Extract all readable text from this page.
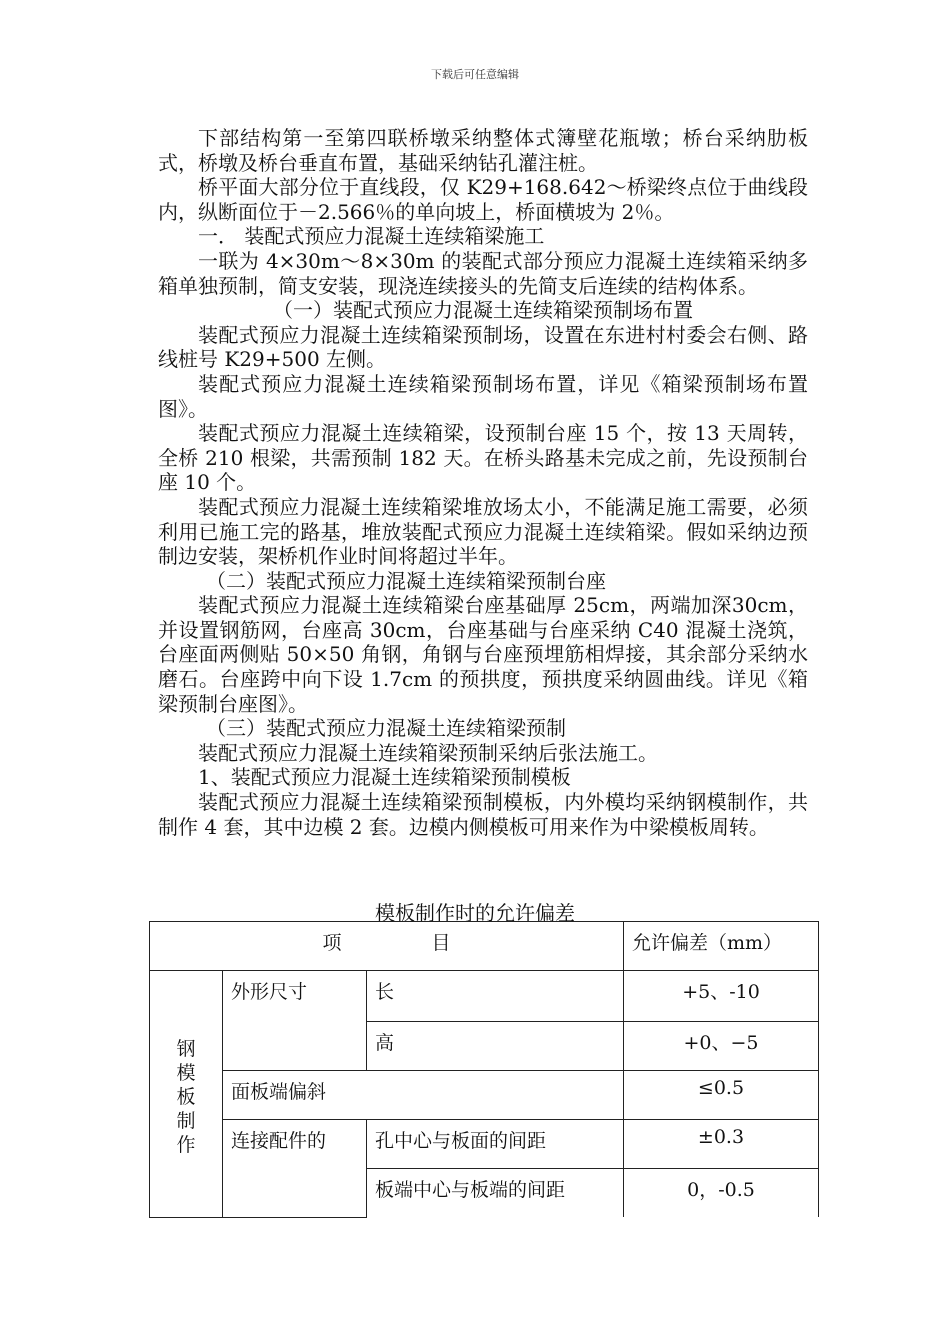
下载后可任意编辑

下部结构第一至第四联桥墩采纳整体式簿壁花瓶墩；桥台采纳肋板式，桥墩及桥台垂直布置，基础采纳钻孔灌注桩。

桥平面大部分位于直线段，仅 K29+168.642～桥梁终点位于曲线段内，纵断面位于－2.566％的单向坡上，桥面横坡为 2％。

一． 装配式预应力混凝土连续箱梁施工

一联为 4×30m～8×30m 的装配式部分预应力混凝土连续箱采纳多箱单独预制，简支安装，现浇连续接头的先简支后连续的结构体系。

（一）装配式预应力混凝土连续箱梁预制场布置

装配式预应力混凝土连续箱梁预制场，设置在东进村村委会右侧、路线桩号 K29+500 左侧。

装配式预应力混凝土连续箱梁预制场布置，详见《箱梁预制场布置图》。

装配式预应力混凝土连续箱梁，设预制台座 15 个，按 13 天周转，全桥 210 根梁，共需预制 182 天。在桥头路基未完成之前，先设预制台座 10 个。

装配式预应力混凝土连续箱梁堆放场太小，不能满足施工需要，必须利用已施工完的路基，堆放装配式预应力混凝土连续箱梁。假如采纳边预制边安装，架桥机作业时间将超过半年。

（二）装配式预应力混凝土连续箱梁预制台座

装配式预应力混凝土连续箱梁台座基础厚 25cm，两端加深30cm，并设置钢筋网，台座高 30cm，台座基础与台座采纳 C40 混凝土浇筑，台座面两侧贴 50×50 角钢，角钢与台座预埋筋相焊接，其余部分采纳水磨石。台座跨中向下设 1.7cm 的预拱度，预拱度采纳圆曲线。详见《箱梁预制台座图》。

（三）装配式预应力混凝土连续箱梁预制

装配式预应力混凝土连续箱梁预制采纳后张法施工。

1、装配式预应力混凝土连续箱梁预制模板

装配式预应力混凝土连续箱梁预制模板，内外模均采纳钢模制作，共制作 4 套，其中边模 2 套。边模内侧模板可用来作为中梁模板周转。

模板制作时的允许偏差
项 目			允许偏差（mm）

钢
模
板
制
作	外形尺寸	长	+5、-10
		高	+0、−5
	面板端偏斜		≤0.5
	连接配件的	孔中心与板面的间距	±0.3
		板端中心与板端的间距	0，-0.5
